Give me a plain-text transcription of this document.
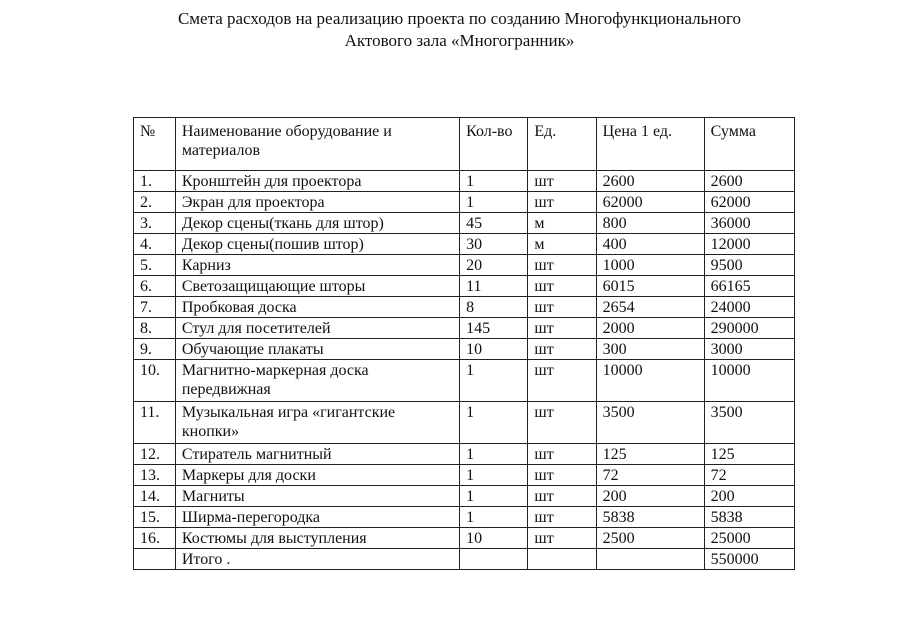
Смета расходов на реализацию проекта по созданию Многофункционального
Актового зала «Многогранник»
№	Наименование оборудование и материалов	Кол-во	Ед.	Цена 1 ед.	Сумма
1.	Кронштейн для проектора	1	шт	2600	2600
2.	Экран для проектора	1	шт	62000	62000
3.	Декор сцены(ткань для штор)	45	м	800	36000
4.	Декор сцены(пошив штор)	30	м	400	12000
5.	Карниз	20	шт	1000	9500
6.	Светозащищающие шторы	11	шт	6015	66165
7.	Пробковая доска	8	шт	2654	24000
8.	Стул для посетителей	145	шт	2000	290000
9.	Обучающие плакаты	10	шт	300	3000
10.	Магнитно-маркерная доска передвижная	1	шт	10000	10000
11.	Музыкальная игра «гигантские кнопки»	1	шт	3500	3500
12.	Стиратель магнитный	1	шт	125	125
13.	Маркеры для доски	1	шт	72	72
14.	Магниты	1	шт	200	200
15.	Ширма-перегородка	1	шт	5838	5838
16.	Костюмы для выступления	10	шт	2500	25000
	Итого .				550000
